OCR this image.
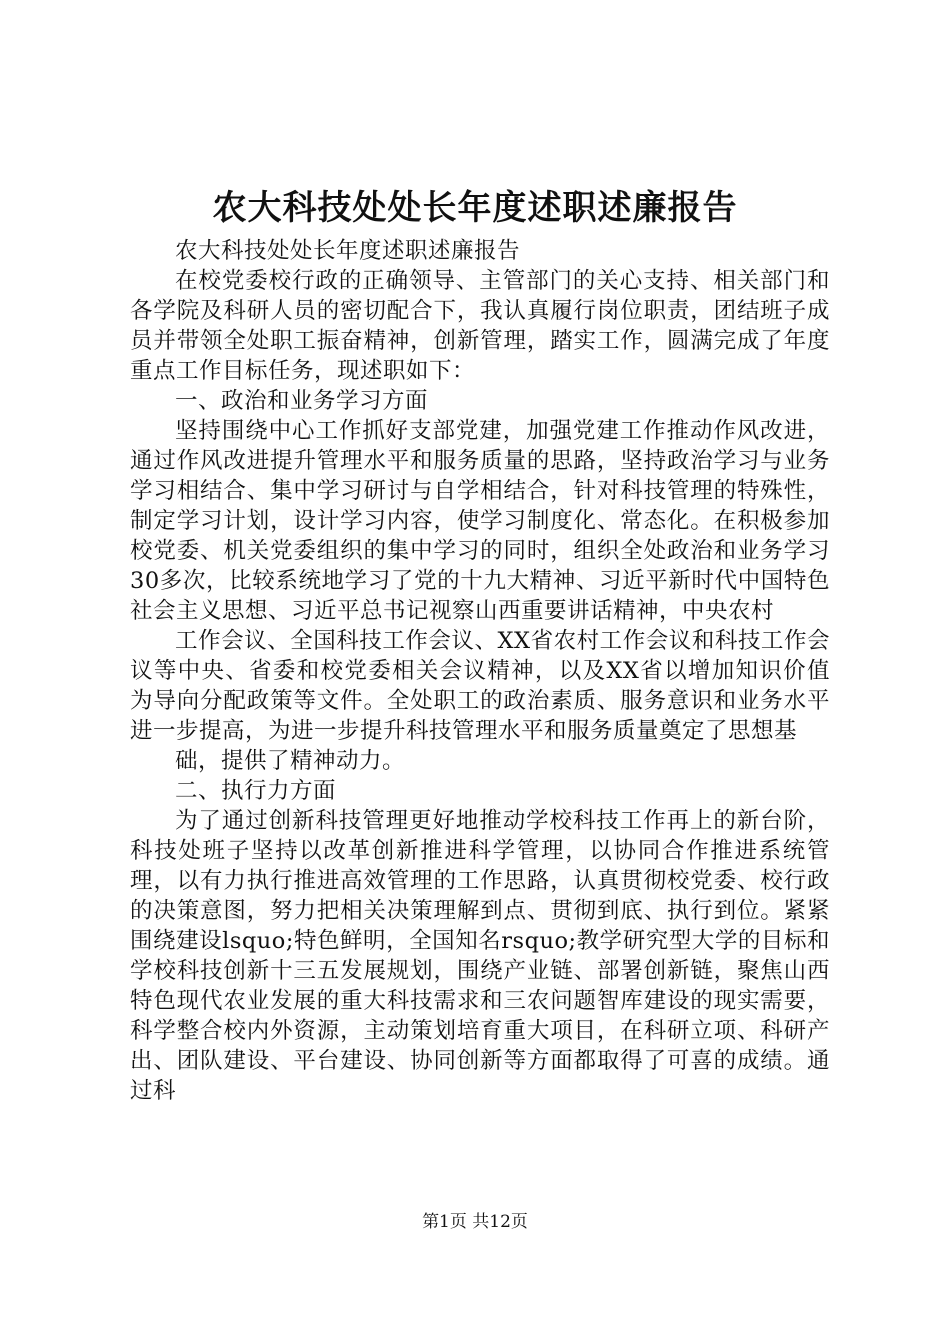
农大科技处处长年度述职述廉报告

农大科技处处长年度述职述廉报告

在校党委校行政的正确领导、主管部门的关心支持、相关部门和各学院及科研人员的密切配合下，我认真履行岗位职责，团结班子成员并带领全处职工振奋精神，创新管理，踏实工作，圆满完成了年度重点工作目标任务，现述职如下：

一、政治和业务学习方面

坚持围绕中心工作抓好支部党建，加强党建工作推动作风改进，通过作风改进提升管理水平和服务质量的思路，坚持政治学习与业务学习相结合、集中学习研讨与自学相结合，针对科技管理的特殊性，制定学习计划，设计学习内容，使学习制度化、常态化。在积极参加校党委、机关党委组织的集中学习的同时，组织全处政治和业务学习30多次，比较系统地学习了党的十九大精神、习近平新时代中国特色社会主义思想、习近平总书记视察山西重要讲话精神，中央农村

工作会议、全国科技工作会议、XX省农村工作会议和科技工作会议等中央、省委和校党委相关会议精神，以及XX省以增加知识价值为导向分配政策等文件。全处职工的政治素质、服务意识和业务水平进一步提高，为进一步提升科技管理水平和服务质量奠定了思想基

础，提供了精神动力。

二、执行力方面

为了通过创新科技管理更好地推动学校科技工作再上的新台阶，科技处班子坚持以改革创新推进科学管理，以协同合作推进系统管理，以有力执行推进高效管理的工作思路，认真贯彻校党委、校行政的决策意图，努力把相关决策理解到点、贯彻到底、执行到位。紧紧围绕建设lsquo;特色鲜明，全国知名rsquo;教学研究型大学的目标和学校科技创新十三五发展规划，围绕产业链、部署创新链，聚焦山西特色现代农业发展的重大科技需求和三农问题智库建设的现实需要，科学整合校内外资源，主动策划培育重大项目，在科研立项、科研产出、团队建设、平台建设、协同创新等方面都取得了可喜的成绩。通过科

第1页 共12页
